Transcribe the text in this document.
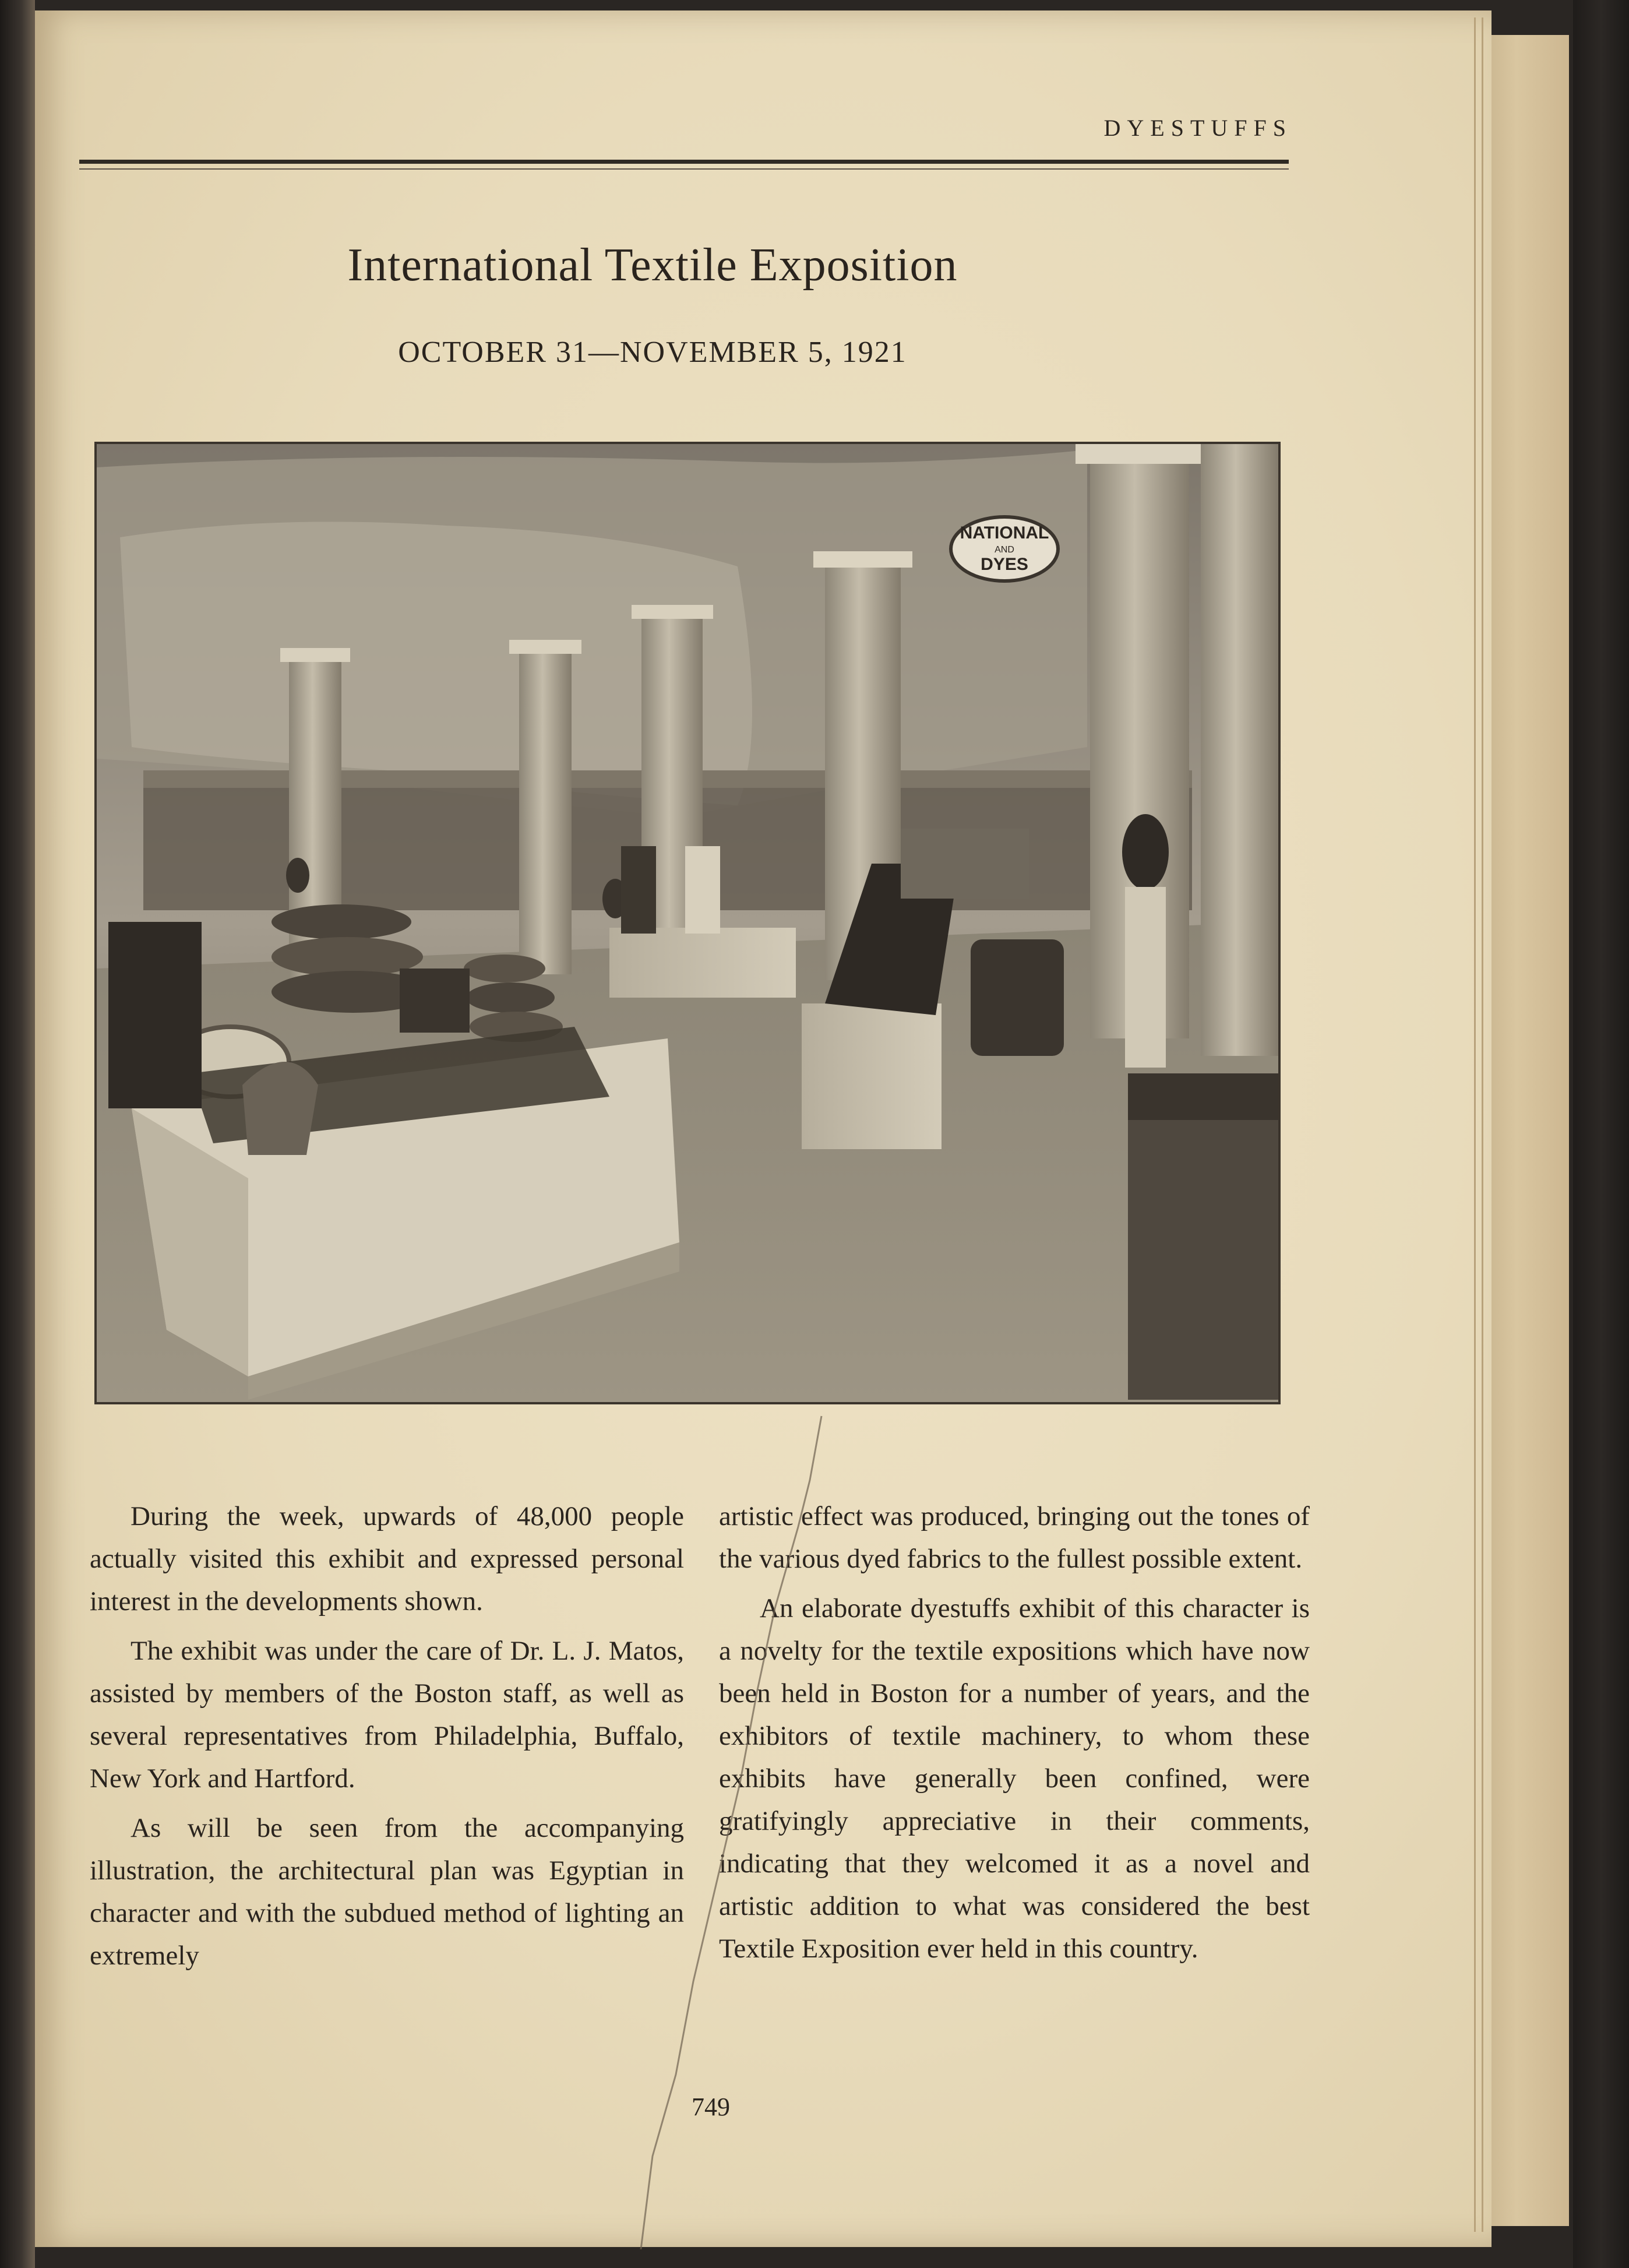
DYESTUFFS
International Textile Exposition
OCTOBER 31—NOVEMBER 5, 1921
NATIONAL
AND
DYES

During the week, upwards of 48,000 people actually visited this exhibit and expressed personal interest in the developments shown.

The exhibit was under the care of Dr. L. J. Matos, assisted by members of the Boston staff, as well as several representatives from Philadelphia, Buffalo, New York and Hartford.

As will be seen from the accompanying illustration, the architectural plan was Egyptian in character and with the subdued method of lighting an extremely

artistic effect was produced, bringing out the tones of the various dyed fabrics to the fullest possible extent.

An elaborate dyestuffs exhibit of this character is a novelty for the textile expositions which have now been held in Boston for a number of years, and the exhibitors of textile machinery, to whom these exhibits have generally been confined, were gratifyingly appreciative in their comments, indicating that they welcomed it as a novel and artistic addition to what was considered the best Textile Exposition ever held in this country.

749
